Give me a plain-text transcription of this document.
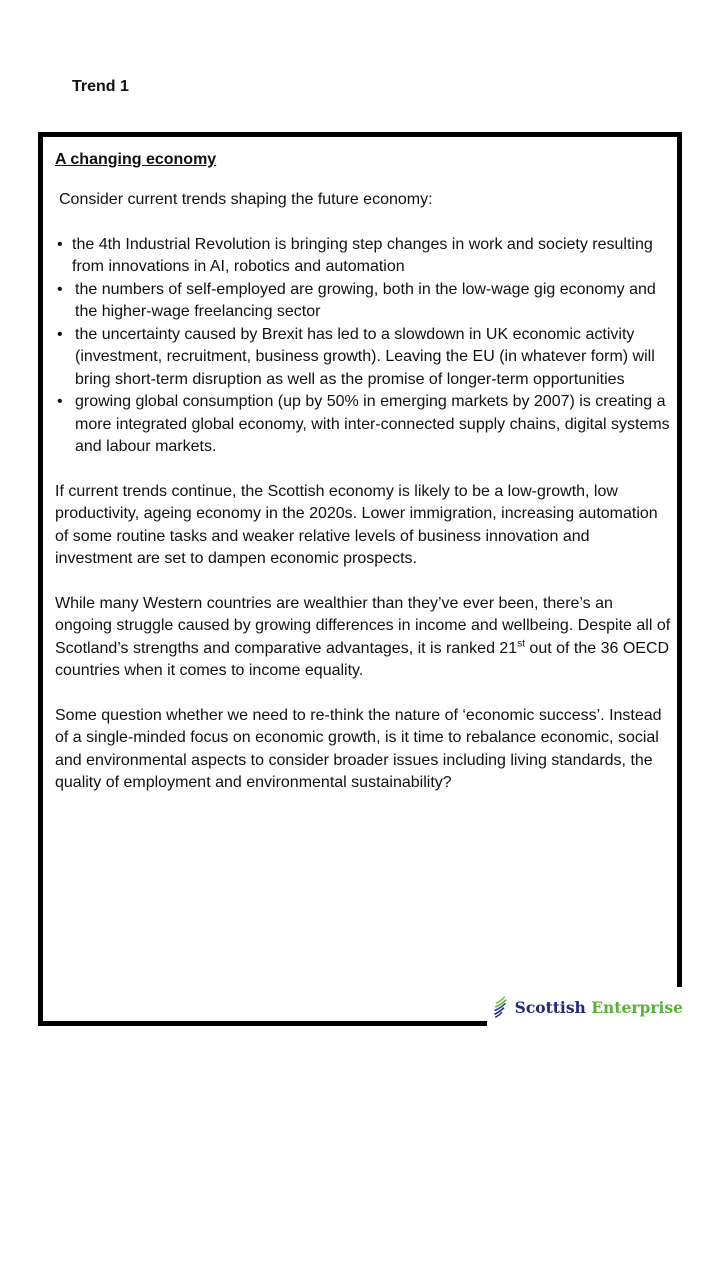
Trend 1
A changing economy

Consider current trends shaping the future economy:

• the 4th Industrial Revolution is bringing step changes in work and society resulting from innovations in AI, robotics and automation
• the numbers of self-employed are growing, both in the low-wage gig economy and the higher-wage freelancing sector
• the uncertainty caused by Brexit has led to a slowdown in UK economic activity (investment, recruitment, business growth). Leaving the EU (in whatever form) will bring short-term disruption as well as the promise of longer-term opportunities
• growing global consumption (up by 50% in emerging markets by 2007) is creating a more integrated global economy, with inter-connected supply chains, digital systems and labour markets.

If current trends continue, the Scottish economy is likely to be a low-growth, low productivity, ageing economy in the 2020s. Lower immigration, increasing automation of some routine tasks and weaker relative levels of business innovation and investment are set to dampen economic prospects.

While many Western countries are wealthier than they’ve ever been, there’s an ongoing struggle caused by growing differences in income and wellbeing. Despite all of Scotland’s strengths and comparative advantages, it is ranked 21st out of the 36 OECD countries when it comes to income equality.

Some question whether we need to re-think the nature of ‘economic success’. Instead of a single-minded focus on economic growth, is it time to rebalance economic, social and environmental aspects to consider broader issues including living standards, the quality of employment and environmental sustainability?

Scottish Enterprise
